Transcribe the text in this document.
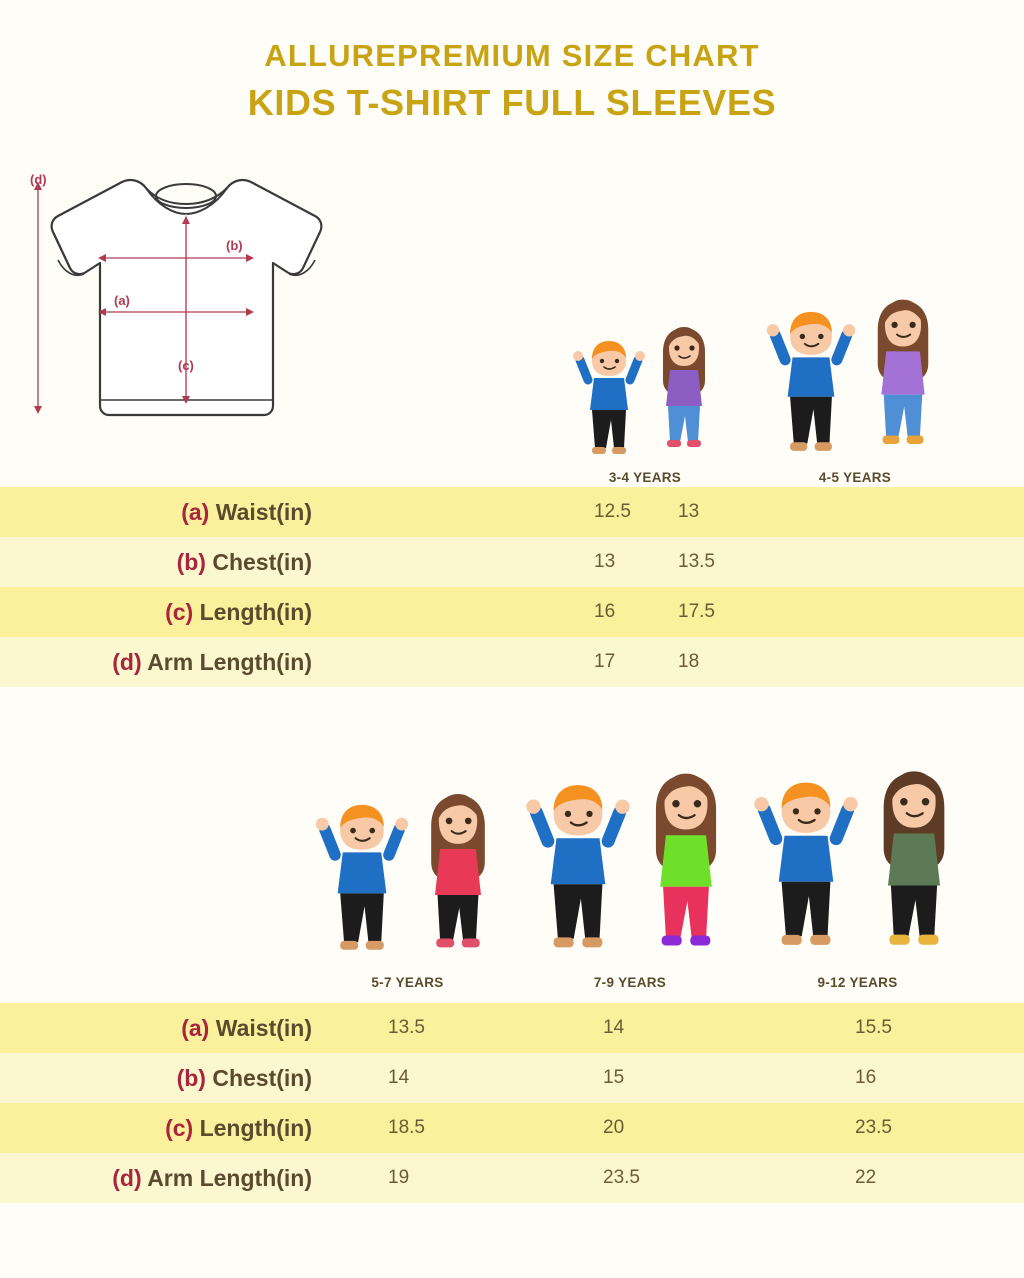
ALLUREPREMIUM SIZE CHART
KIDS T-SHIRT FULL SLEEVES
(d)
(b)
(a)
(c)
3-4 YEARS	4-5 YEARS
(a) Waist(in)	12.5	13
(b) Chest(in)	13	13.5
(c) Length(in)	16	17.5
(d) Arm Length(in)	17	18
5-7 YEARS	7-9 YEARS	9-12 YEARS
(a) Waist(in)	13.5	14	15.5
(b) Chest(in)	14	15	16
(c) Length(in)	18.5	20	23.5
(d) Arm Length(in)	19	23.5	22
